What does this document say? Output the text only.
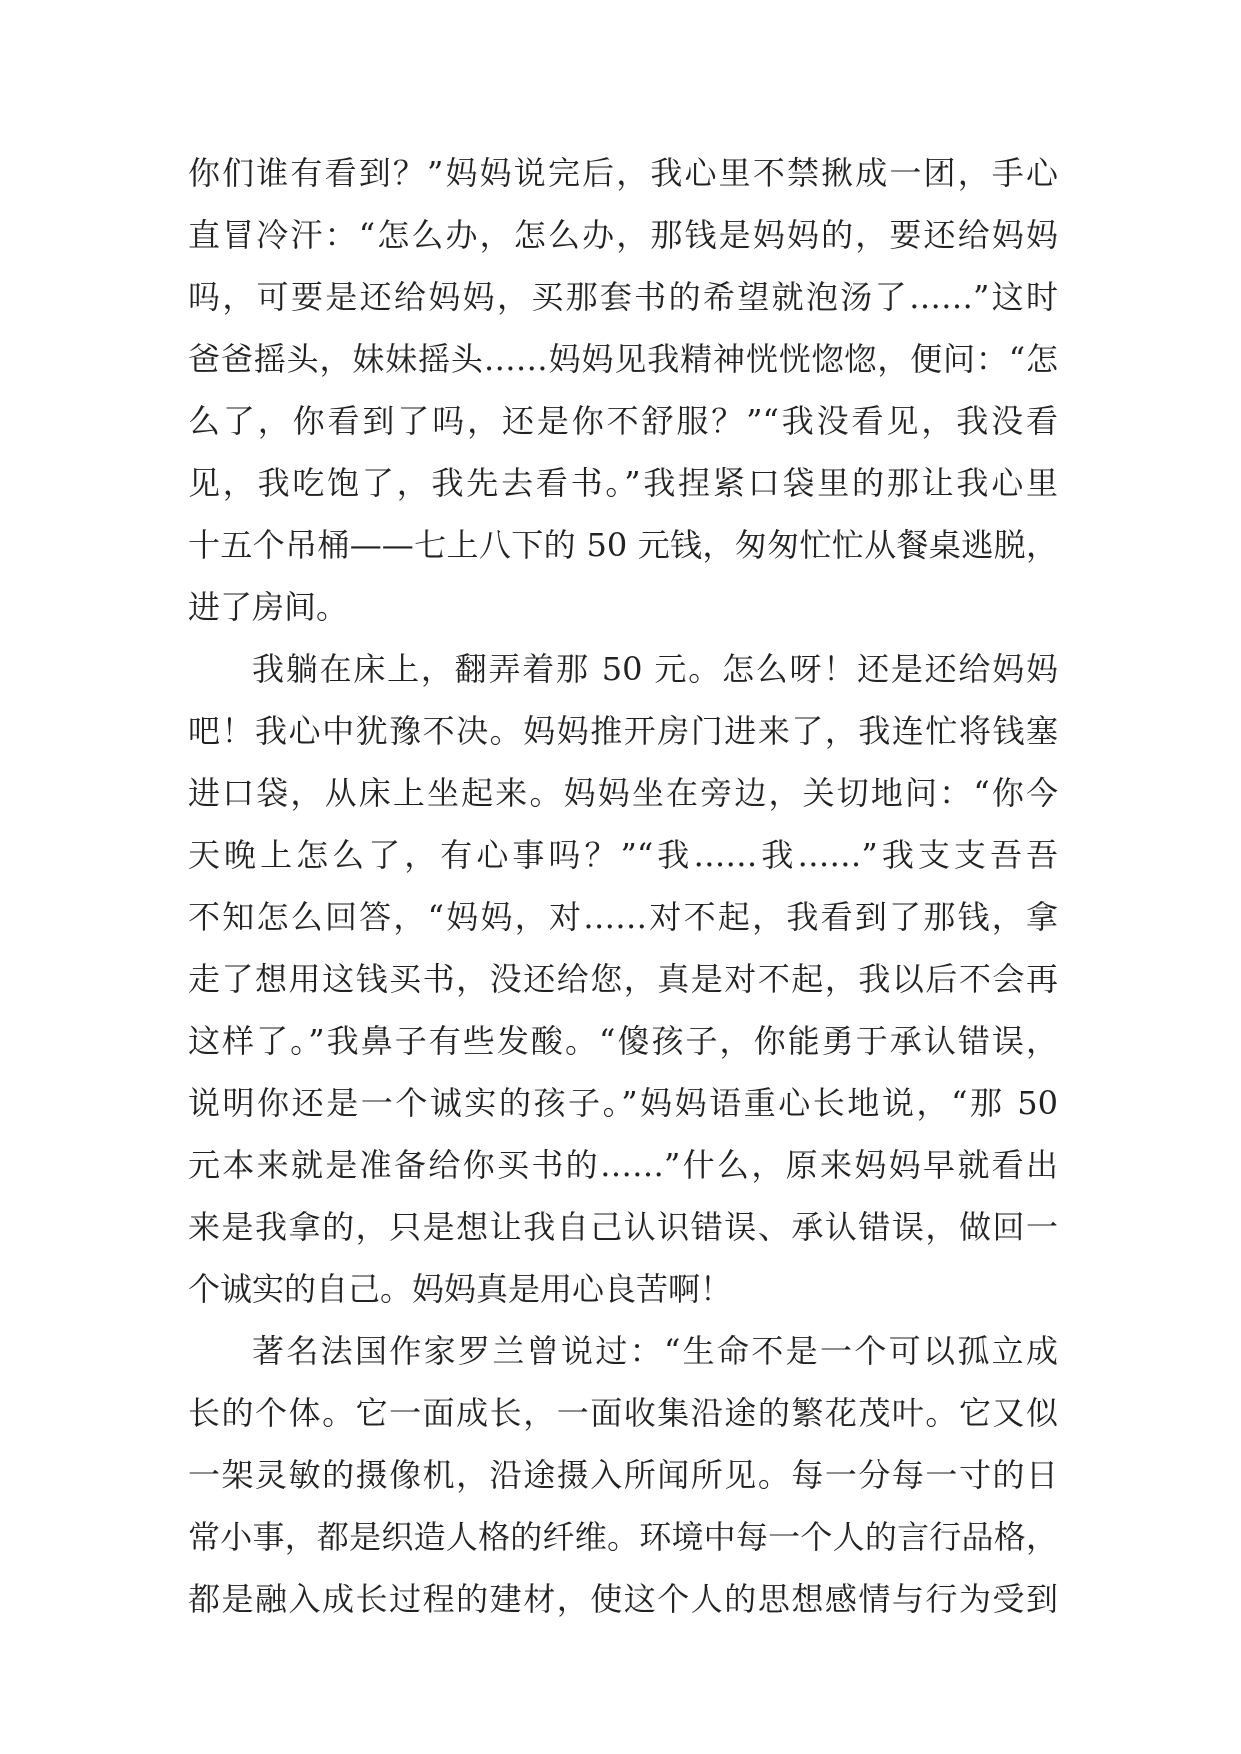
你们谁有看到？”妈妈说完后，我心里不禁揪成一团，手心
直冒冷汗：“怎么办，怎么办，那钱是妈妈的，要还给妈妈
吗，可要是还给妈妈，买那套书的希望就泡汤了……”这时
爸爸摇头，妹妹摇头……妈妈见我精神恍恍惚惚，便问：“怎
么了，你看到了吗，还是你不舒服？”“我没看见，我没看
见，我吃饱了，我先去看书。”我捏紧口袋里的那让我心里
十五个吊桶——七上八下的 50 元钱，匆匆忙忙从餐桌逃脱，
进了房间。
我躺在床上，翻弄着那 50 元。怎么呀！还是还给妈妈
吧！我心中犹豫不决。妈妈推开房门进来了，我连忙将钱塞
进口袋，从床上坐起来。妈妈坐在旁边，关切地问：“你今
天晚上怎么了，有心事吗？”“我……我……”我支支吾吾
不知怎么回答，“妈妈，对……对不起，我看到了那钱，拿
走了想用这钱买书，没还给您，真是对不起，我以后不会再
这样了。”我鼻子有些发酸。“傻孩子，你能勇于承认错误，
说明你还是一个诚实的孩子。”妈妈语重心长地说，“那 50
元本来就是准备给你买书的……”什么，原来妈妈早就看出
来是我拿的，只是想让我自己认识错误、承认错误，做回一
个诚实的自己。妈妈真是用心良苦啊！
著名法国作家罗兰曾说过：“生命不是一个可以孤立成
长的个体。它一面成长，一面收集沿途的繁花茂叶。它又似
一架灵敏的摄像机，沿途摄入所闻所见。每一分每一寸的日
常小事，都是织造人格的纤维。环境中每一个人的言行品格，
都是融入成长过程的建材，使这个人的思想感情与行为受到
